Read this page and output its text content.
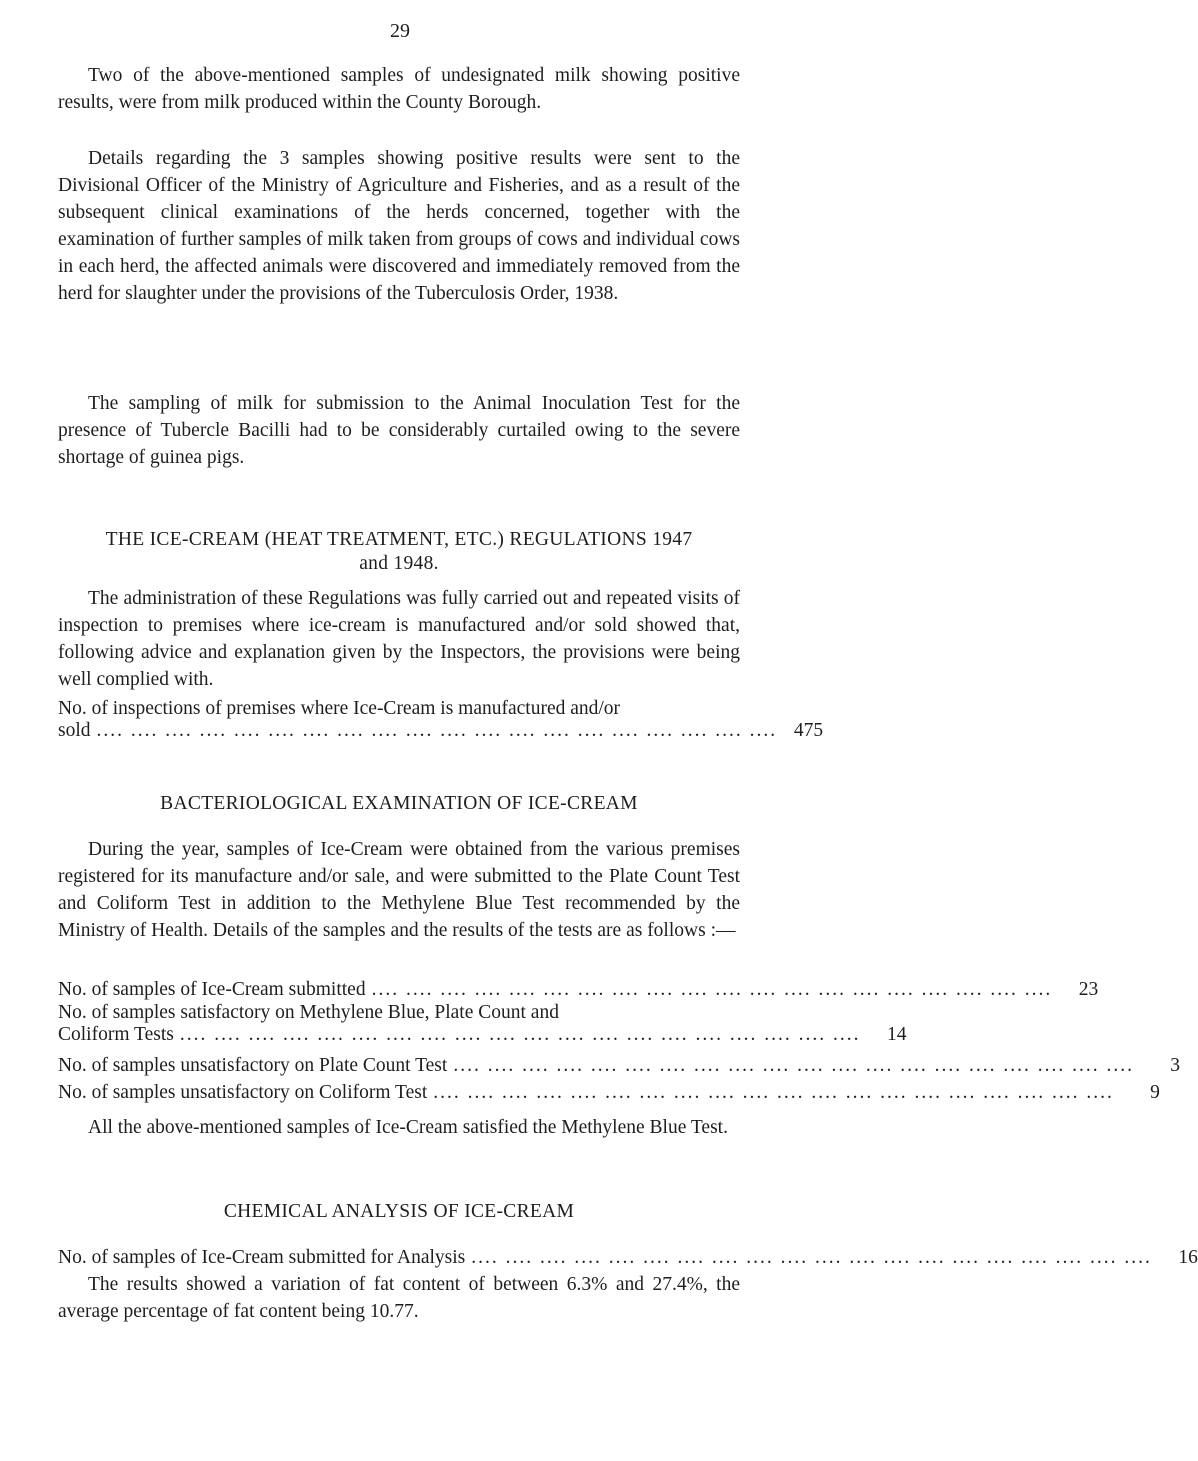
29

Two of the above-mentioned samples of undesignated milk showing positive results, were from milk produced within the County Borough.

Details regarding the 3 samples showing positive results were sent to the Divisional Officer of the Ministry of Agriculture and Fisheries, and as a result of the subsequent clinical examinations of the herds concerned, together with the examination of further samples of milk taken from groups of cows and individual cows in each herd, the affected animals were discovered and immediately removed from the herd for slaughter under the provisions of the Tuberculosis Order, 1938.

The sampling of milk for submission to the Animal Inoculation Test for the presence of Tubercle Bacilli had to be considerably curtailed owing to the severe shortage of guinea pigs.

THE ICE-CREAM (HEAT TREATMENT, ETC.) REGULATIONS 1947
and 1948.

The administration of these Regulations was fully carried out and repeated visits of inspection to premises where ice-cream is manufactured and/or sold showed that, following advice and explanation given by the Inspectors, the provisions were being well complied with.

No. of inspections of premises where Ice-Cream is manufactured and/or
sold .... .... .... .... .... .... .... .... .... .... .... .... .... .... .... .... .... .... .... .... 475
BACTERIOLOGICAL EXAMINATION OF ICE-CREAM

During the year, samples of Ice-Cream were obtained from the various premises registered for its manufacture and/or sale, and were submitted to the Plate Count Test and Coliform Test in addition to the Methylene Blue Test recommended by the Ministry of Health. Details of the samples and the results of the tests are as follows :—

No. of samples of Ice-Cream submitted .... .... .... .... .... .... .... .... .... .... .... .... .... .... .... .... .... .... .... ....	23
No. of samples satisfactory on Methylene Blue, Plate Count and
Coliform Tests .... .... .... .... .... .... .... .... .... .... .... .... .... .... .... .... .... .... .... ....	14
No. of samples unsatisfactory on Plate Count Test .... .... .... .... .... .... .... .... .... .... .... .... .... .... .... .... .... .... .... ....	3
No. of samples unsatisfactory on Coliform Test .... .... .... .... .... .... .... .... .... .... .... .... .... .... .... .... .... .... .... ....	9

All the above-mentioned samples of Ice-Cream satisfied the Methylene Blue Test.

CHEMICAL ANALYSIS OF ICE-CREAM
No. of samples of Ice-Cream submitted for Analysis .... .... .... .... .... .... .... .... .... .... .... .... .... .... .... .... .... .... .... ....	16

The results showed a variation of fat content of between 6.3% and 27.4%, the average percentage of fat content being 10.77.
